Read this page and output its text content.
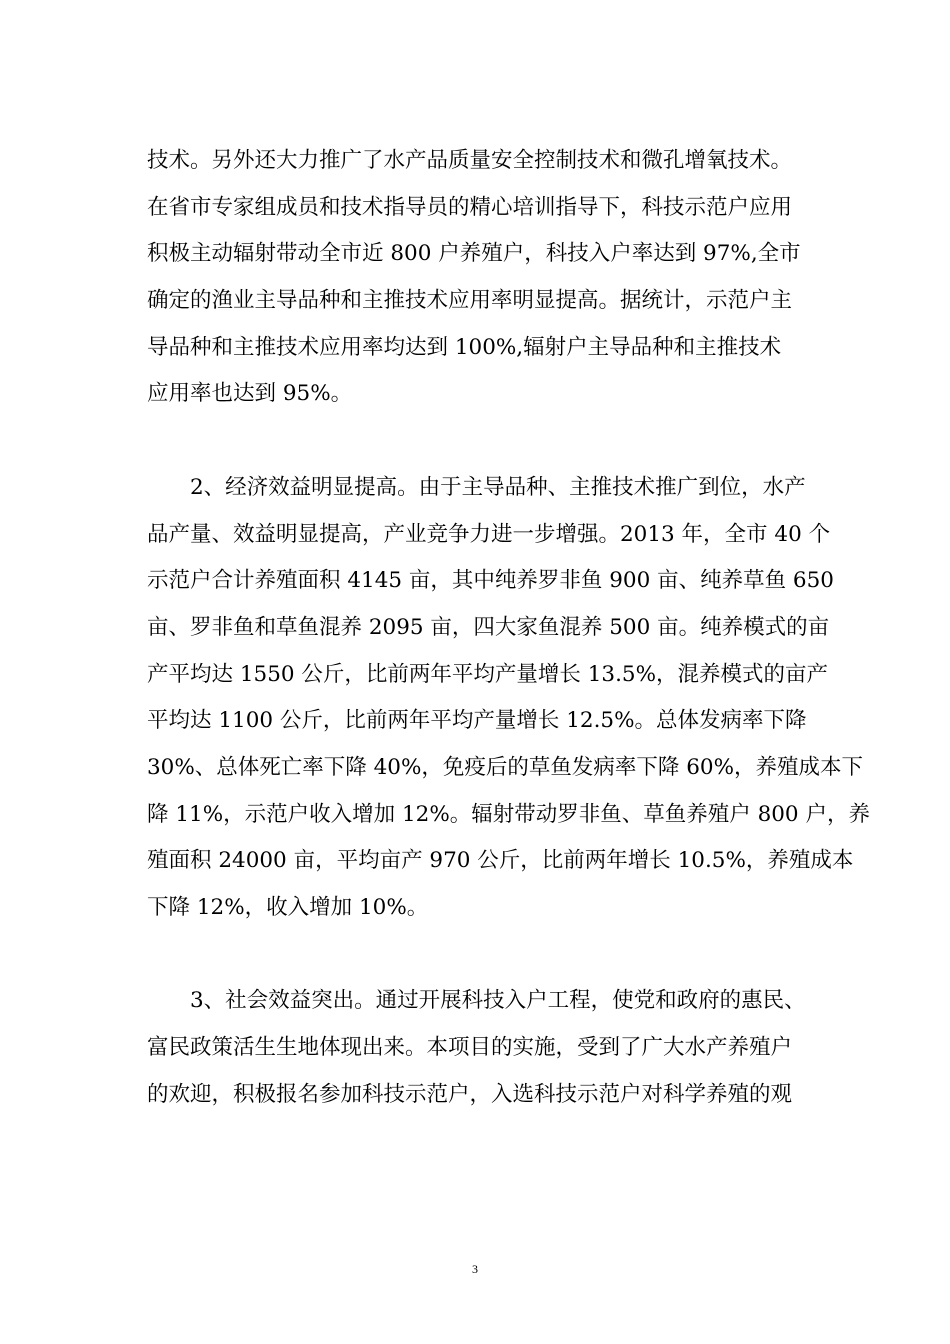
技术。另外还大力推广了水产品质量安全控制技术和微孔增氧技术。
在省市专家组成员和技术指导员的精心培训指导下，科技示范户应用
积极主动辐射带动全市近 800 户养殖户，科技入户率达到 97%,全市
确定的渔业主导品种和主推技术应用率明显提高。据统计，示范户主
导品种和主推技术应用率均达到 100%,辐射户主导品种和主推技术
应用率也达到 95%。
　　2、经济效益明显提高。由于主导品种、主推技术推广到位，水产
品产量、效益明显提高，产业竞争力进一步增强。2013 年，全市 40 个
示范户合计养殖面积 4145 亩，其中纯养罗非鱼 900 亩、纯养草鱼 650
亩、罗非鱼和草鱼混养 2095 亩，四大家鱼混养 500 亩。纯养模式的亩
产平均达 1550 公斤，比前两年平均产量增长 13.5%，混养模式的亩产
平均达 1100 公斤，比前两年平均产量增长 12.5%。总体发病率下降
30%、总体死亡率下降 40%，免疫后的草鱼发病率下降 60%，养殖成本下
降 11%，示范户收入增加 12%。辐射带动罗非鱼、草鱼养殖户 800 户，养
殖面积 24000 亩，平均亩产 970 公斤，比前两年增长 10.5%，养殖成本
下降 12%，收入增加 10%。
　　3、社会效益突出。通过开展科技入户工程，使党和政府的惠民、
富民政策活生生地体现出来。本项目的实施，受到了广大水产养殖户
的欢迎，积极报名参加科技示范户，入选科技示范户对科学养殖的观
3
